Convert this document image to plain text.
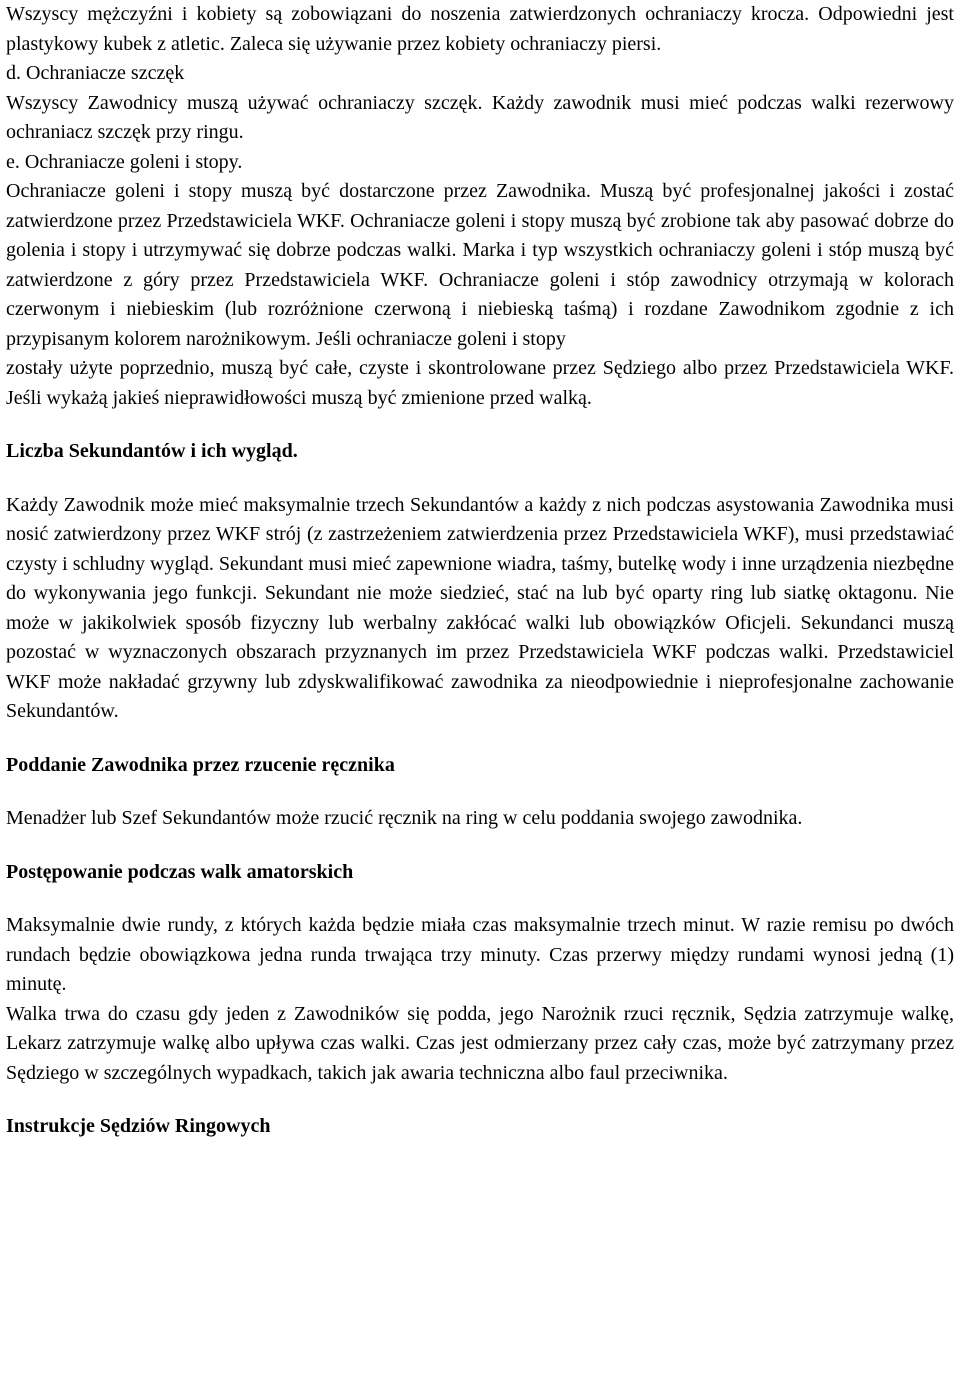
Wszyscy mężczyźni i kobiety są zobowiązani do noszenia zatwierdzonych ochraniaczy krocza. Odpowiedni jest plastykowy kubek z atletic. Zaleca się używanie przez kobiety ochraniaczy piersi.

d. Ochraniacze szczęk

Wszyscy Zawodnicy muszą używać ochraniaczy szczęk. Każdy zawodnik musi mieć podczas walki rezerwowy ochraniacz szczęk przy ringu.

e. Ochraniacze goleni i stopy.

Ochraniacze goleni i stopy muszą być dostarczone przez Zawodnika. Muszą być profesjonalnej jakości i zostać zatwierdzone przez Przedstawiciela WKF. Ochraniacze goleni i stopy muszą być zrobione tak aby pasować dobrze do golenia i stopy i utrzymywać się dobrze podczas walki. Marka i typ wszystkich ochraniaczy goleni i stóp muszą być zatwierdzone z góry przez Przedstawiciela WKF. Ochraniacze goleni i stóp zawodnicy otrzymają w kolorach czerwonym i niebieskim (lub rozróżnione czerwoną i niebieską taśmą) i rozdane Zawodnikom zgodnie z ich przypisanym kolorem narożnikowym. Jeśli ochraniacze goleni i stopy

zostały użyte poprzednio, muszą być całe, czyste i skontrolowane przez Sędziego albo przez Przedstawiciela WKF. Jeśli wykażą jakieś nieprawidłowości muszą być zmienione przed walką.

Liczba Sekundantów i ich wygląd.

Każdy Zawodnik może mieć maksymalnie trzech Sekundantów a każdy z nich podczas asystowania Zawodnika musi nosić zatwierdzony przez WKF strój (z zastrzeżeniem zatwierdzenia przez Przedstawiciela WKF), musi przedstawiać czysty i schludny wygląd. Sekundant musi mieć zapewnione wiadra, taśmy, butelkę wody i inne urządzenia niezbędne do wykonywania jego funkcji. Sekundant nie może siedzieć, stać na lub być oparty ring lub siatkę oktagonu. Nie może w jakikolwiek sposób fizyczny lub werbalny zakłócać walki lub obowiązków Oficjeli. Sekundanci muszą pozostać w wyznaczonych obszarach przyznanych im przez Przedstawiciela WKF podczas walki. Przedstawiciel WKF może nakładać grzywny lub zdyskwalifikować zawodnika za nieodpowiednie i nieprofesjonalne zachowanie Sekundantów.

Poddanie Zawodnika przez rzucenie ręcznika

Menadżer lub Szef Sekundantów może rzucić ręcznik na ring w celu poddania swojego zawodnika.

Postępowanie podczas walk amatorskich

Maksymalnie dwie rundy, z których każda będzie miała czas maksymalnie trzech minut. W razie remisu po dwóch rundach będzie obowiązkowa jedna runda trwająca trzy minuty. Czas przerwy między rundami wynosi jedną (1) minutę.

Walka trwa do czasu gdy jeden z Zawodników się podda, jego Narożnik rzuci ręcznik, Sędzia zatrzymuje walkę, Lekarz zatrzymuje walkę albo upływa czas walki. Czas jest odmierzany przez cały czas, może być zatrzymany przez Sędziego w szczególnych wypadkach, takich jak awaria techniczna albo faul przeciwnika.

Instrukcje Sędziów Ringowych
